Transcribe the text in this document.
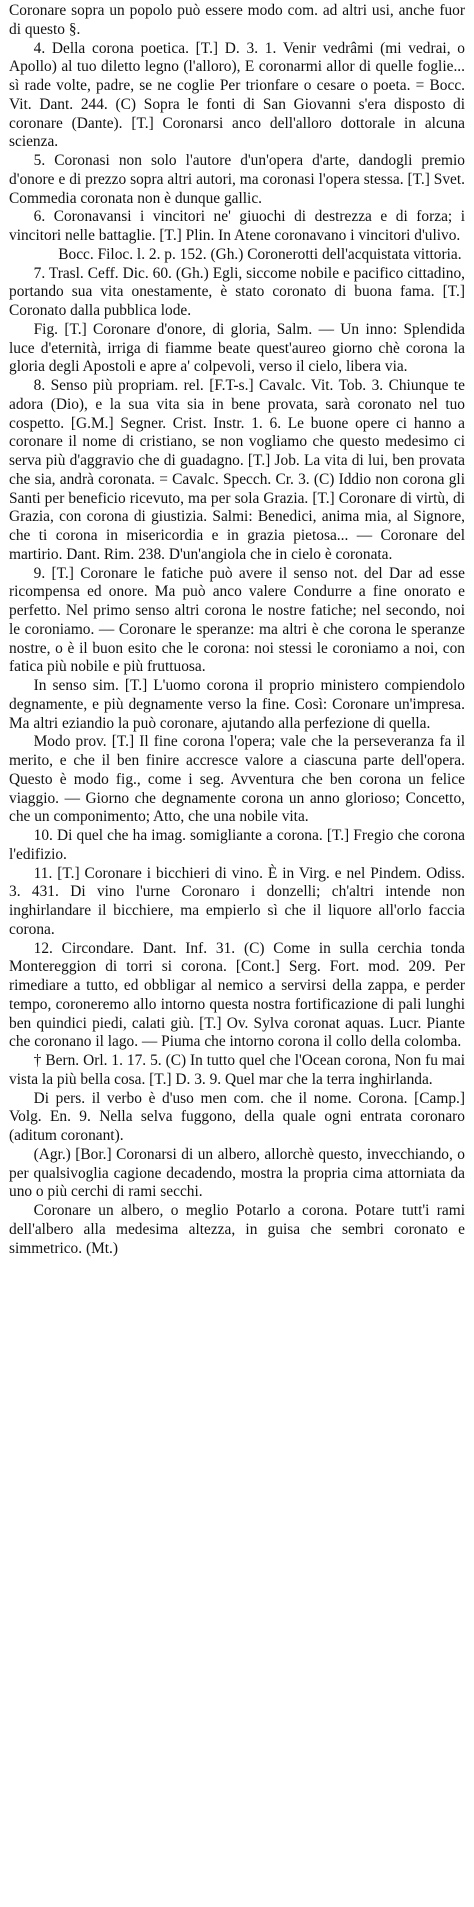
Coronare sopra un popolo può essere modo com. ad altri usi, anche fuor di questo §.

4. Della corona poetica. [T.] D. 3. 1. Venir vedrâmi (mi vedrai, o Apollo) al tuo diletto legno (l'alloro), E coronarmi allor di quelle foglie... sì rade volte, padre, se ne coglie Per trionfare o cesare o poeta. = Bocc. Vit. Dant. 244. (C) Sopra le fonti di San Giovanni s'era disposto di coronare (Dante). [T.] Coronarsi anco dell'alloro dottorale in alcuna scienza.

5. Coronasi non solo l'autore d'un'opera d'arte, dandogli premio d'onore e di prezzo sopra altri autori, ma coronasi l'opera stessa. [T.] Svet. Commedia coronata non è dunque gallic.

6. Coronavansi i vincitori ne' giuochi di destrezza e di forza; i vincitori nelle battaglie. [T.] Plin. In Atene coronavano i vincitori d'ulivo.

Bocc. Filoc. l. 2. p. 152. (Gh.) Coronerotti dell'acquistata vittoria.

7. Trasl. Ceff. Dic. 60. (Gh.) Egli, siccome nobile e pacifico cittadino, portando sua vita onestamente, è stato coronato di buona fama. [T.] Coronato dalla pubblica lode.

Fig. [T.] Coronare d'onore, di gloria, Salm. — Un inno: Splendida luce d'eternità, irriga di fiamme beate quest'aureo giorno chè corona la gloria degli Apostoli e apre a' colpevoli, verso il cielo, libera via.

8. Senso più propriam. rel. [F.T-s.] Cavalc. Vit. Tob. 3. Chiunque te adora (Dio), e la sua vita sia in bene provata, sarà coronato nel tuo cospetto. [G.M.] Segner. Crist. Instr. 1. 6. Le buone opere ci hanno a coronare il nome di cristiano, se non vogliamo che questo medesimo ci serva più d'aggravio che di guadagno. [T.] Job. La vita di lui, ben provata che sia, andrà coronata. = Cavalc. Specch. Cr. 3. (C) Iddio non corona gli Santi per beneficio ricevuto, ma per sola Grazia. [T.] Coronare di virtù, di Grazia, con corona di giustizia. Salmi: Benedici, anima mia, al Signore, che ti corona in misericordia e in grazia pietosa... — Coronare del martirio. Dant. Rim. 238. D'un'angiola che in cielo è coronata.

9. [T.] Coronare le fatiche può avere il senso not. del Dar ad esse ricompensa ed onore. Ma può anco valere Condurre a fine onorato e perfetto. Nel primo senso altri corona le nostre fatiche; nel secondo, noi le coroniamo. — Coronare le speranze: ma altri è che corona le speranze nostre, o è il buon esito che le corona: noi stessi le coroniamo a noi, con fatica più nobile e più fruttuosa.

In senso sim. [T.] L'uomo corona il proprio ministero compiendolo degnamente, e più degnamente verso la fine. Così: Coronare un'impresa. Ma altri eziandio la può coronare, ajutando alla perfezione di quella.

Modo prov. [T.] Il fine corona l'opera; vale che la perseveranza fa il merito, e che il ben finire accresce valore a ciascuna parte dell'opera. Questo è modo fig., come i seg. Avventura che ben corona un felice viaggio. — Giorno che degnamente corona un anno glorioso; Concetto, che un componimento; Atto, che una nobile vita.

10. Di quel che ha imag. somigliante a corona. [T.] Fregio che corona l'edifizio.

11. [T.] Coronare i bicchieri di vino. È in Virg. e nel Pindem. Odiss. 3. 431. Di vino l'urne Coronaro i donzelli; ch'altri intende non inghirlandare il bicchiere, ma empierlo sì che il liquore all'orlo faccia corona.

12. Circondare. Dant. Inf. 31. (C) Come in sulla cerchia tonda Montereggion di torri si corona. [Cont.] Serg. Fort. mod. 209. Per rimediare a tutto, ed obbligar al nemico a servirsi della zappa, e perder tempo, coroneremo allo intorno questa nostra fortificazione di pali lunghi ben quindici piedi, calati giù. [T.] Ov. Sylva coronat aquas. Lucr. Piante che coronano il lago. — Piuma che intorno corona il collo della colomba.

† Bern. Orl. 1. 17. 5. (C) In tutto quel che l'Ocean corona, Non fu mai vista la più bella cosa. [T.] D. 3. 9. Quel mar che la terra inghirlanda.

Di pers. il verbo è d'uso men com. che il nome. Corona. [Camp.] Volg. En. 9. Nella selva fuggono, della quale ogni entrata coronaro (aditum coronant).

(Agr.) [Bor.] Coronarsi di un albero, allorchè questo, invecchiando, o per qualsivoglia cagione decadendo, mostra la propria cima attorniata da uno o più cerchi di rami secchi.

Coronare un albero, o meglio Potarlo a corona. Potare tutt'i rami dell'albero alla medesima altezza, in guisa che sembri coronato e simmetrico. (Mt.)
